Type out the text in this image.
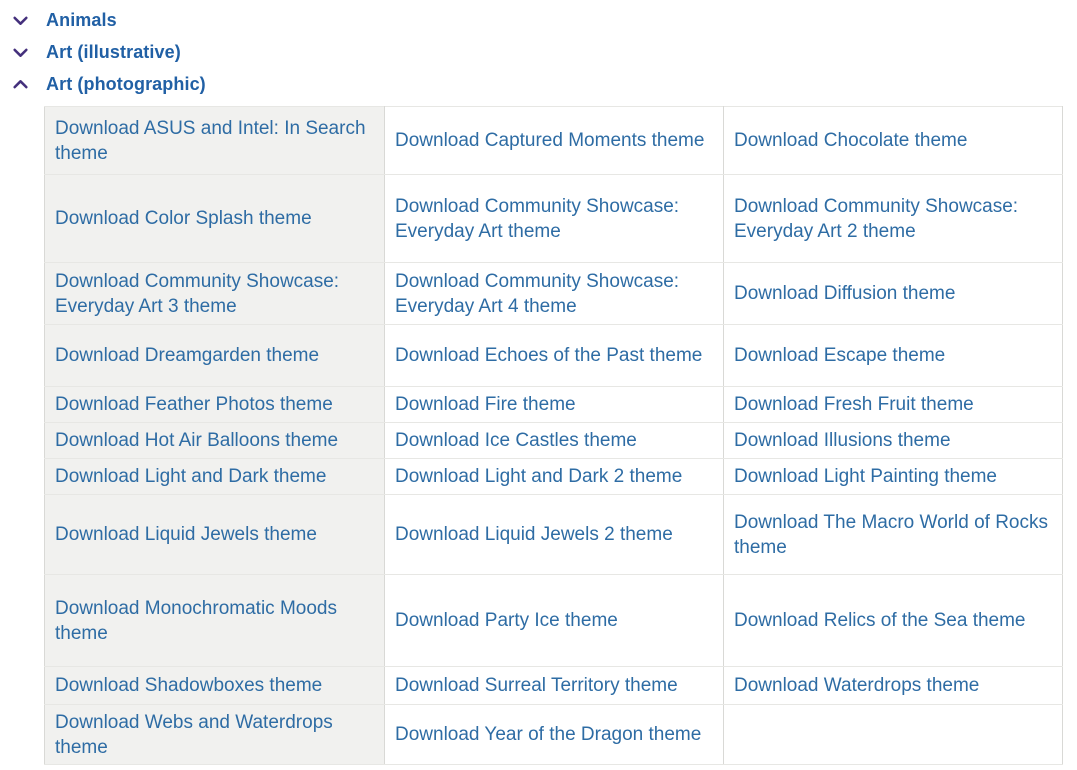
Animals
Art (illustrative)
Art (photographic)
Download ASUS and Intel: In Search theme	Download Captured Moments theme	Download Chocolate theme
Download Color Splash theme	Download Community Showcase: Everyday Art theme	Download Community Showcase: Everyday Art 2 theme
Download Community Showcase: Everyday Art 3 theme	Download Community Showcase: Everyday Art 4 theme	Download Diffusion theme
Download Dreamgarden theme	Download Echoes of the Past theme	Download Escape theme
Download Feather Photos theme	Download Fire theme	Download Fresh Fruit theme
Download Hot Air Balloons theme	Download Ice Castles theme	Download Illusions theme
Download Light and Dark theme	Download Light and Dark 2 theme	Download Light Painting theme
Download Liquid Jewels theme	Download Liquid Jewels 2 theme	Download The Macro World of Rocks theme
Download Monochromatic Moods theme	Download Party Ice theme	Download Relics of the Sea theme
Download Shadowboxes theme	Download Surreal Territory theme	Download Waterdrops theme
Download Webs and Waterdrops theme	Download Year of the Dragon theme	
